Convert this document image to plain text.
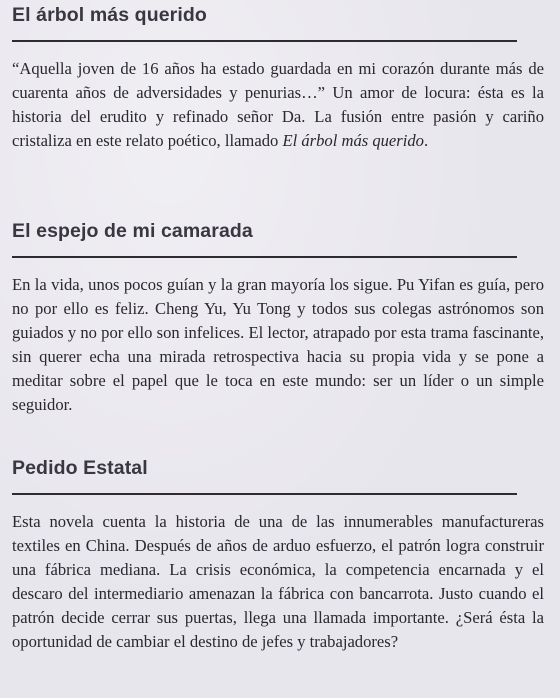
El árbol más querido

“Aquella joven de 16 años ha estado guardada en mi corazón durante más de cuarenta años de adversidades y penurias…” Un amor de locura: ésta es la historia del erudito y refinado señor Da. La fusión entre pasión y cariño cristaliza en este relato poético, llamado El árbol más querido.

El espejo de mi camarada

En la vida, unos pocos guían y la gran mayoría los sigue. Pu Yifan es guía, pero no por ello es feliz. Cheng Yu, Yu Tong y todos sus colegas astrónomos son guiados y no por ello son infelices. El lector, atrapado por esta trama fascinante, sin querer echa una mirada retrospectiva hacia su propia vida y se pone a meditar sobre el papel que le toca en este mundo: ser un líder o un simple seguidor.

Pedido Estatal

Esta novela cuenta la historia de una de las innumerables manufactureras textiles en China. Después de años de arduo esfuerzo, el patrón logra construir una fábrica mediana. La crisis económica, la competencia encarnada y el descaro del intermediario amenazan la fábrica con bancarrota. Justo cuando el patrón decide cerrar sus puertas, llega una llamada importante. ¿Será ésta la oportunidad de cambiar el destino de jefes y trabajadores?
